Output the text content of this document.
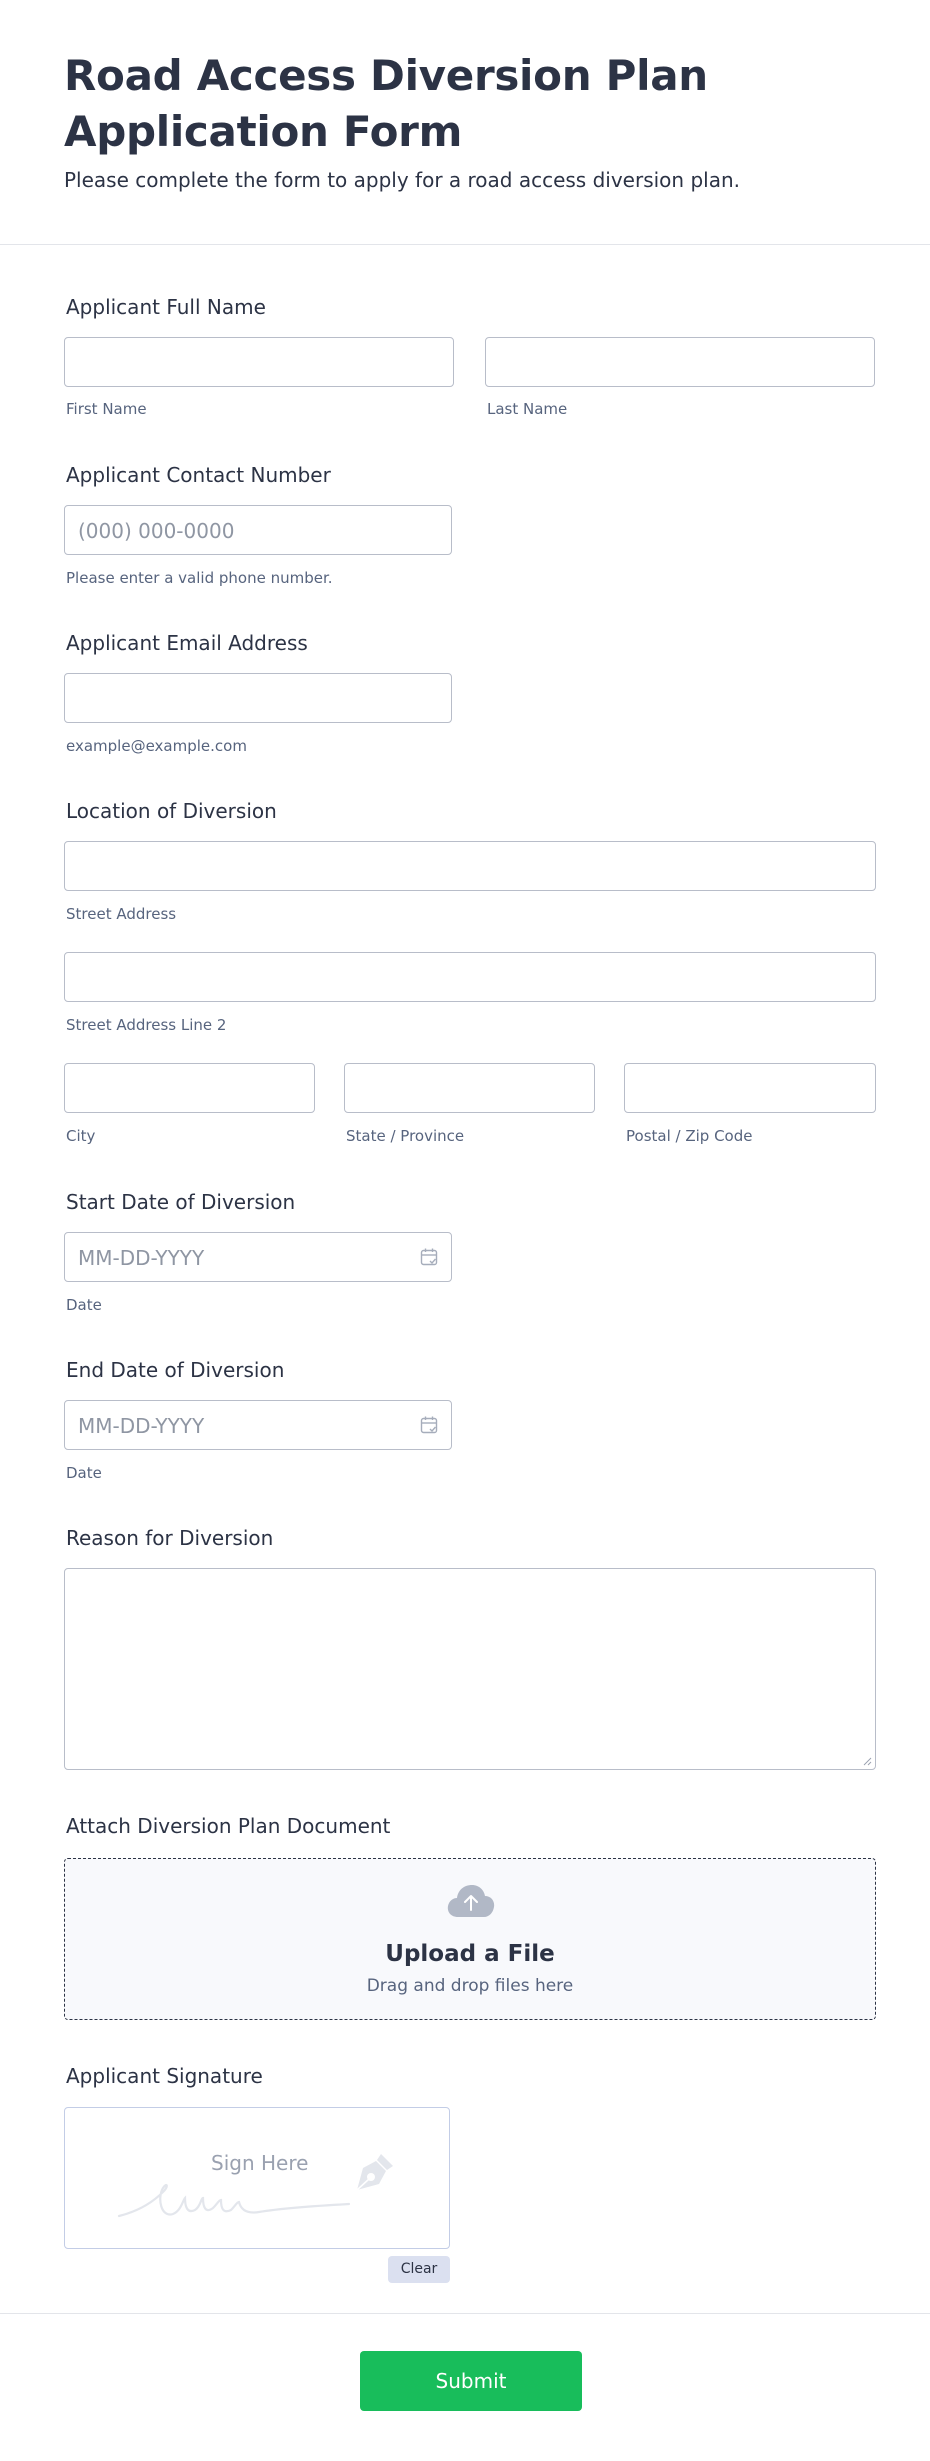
Road Access Diversion Plan Application Form

Please complete the form to apply for a road access diversion plan.

Applicant Full Name
First Name	Last Name
Applicant Contact Number
(000) 000-0000
Please enter a valid phone number.
Applicant Email Address
example@example.com
Location of Diversion
Street Address
Street Address Line 2
City	State / Province	Postal / Zip Code
Start Date of Diversion
MM-DD-YYYY
Date
End Date of Diversion
MM-DD-YYYY
Date
Reason for Diversion
Attach Diversion Plan Document
Upload a File
Drag and drop files here
Applicant Signature
Sign Here
Clear
Submit
